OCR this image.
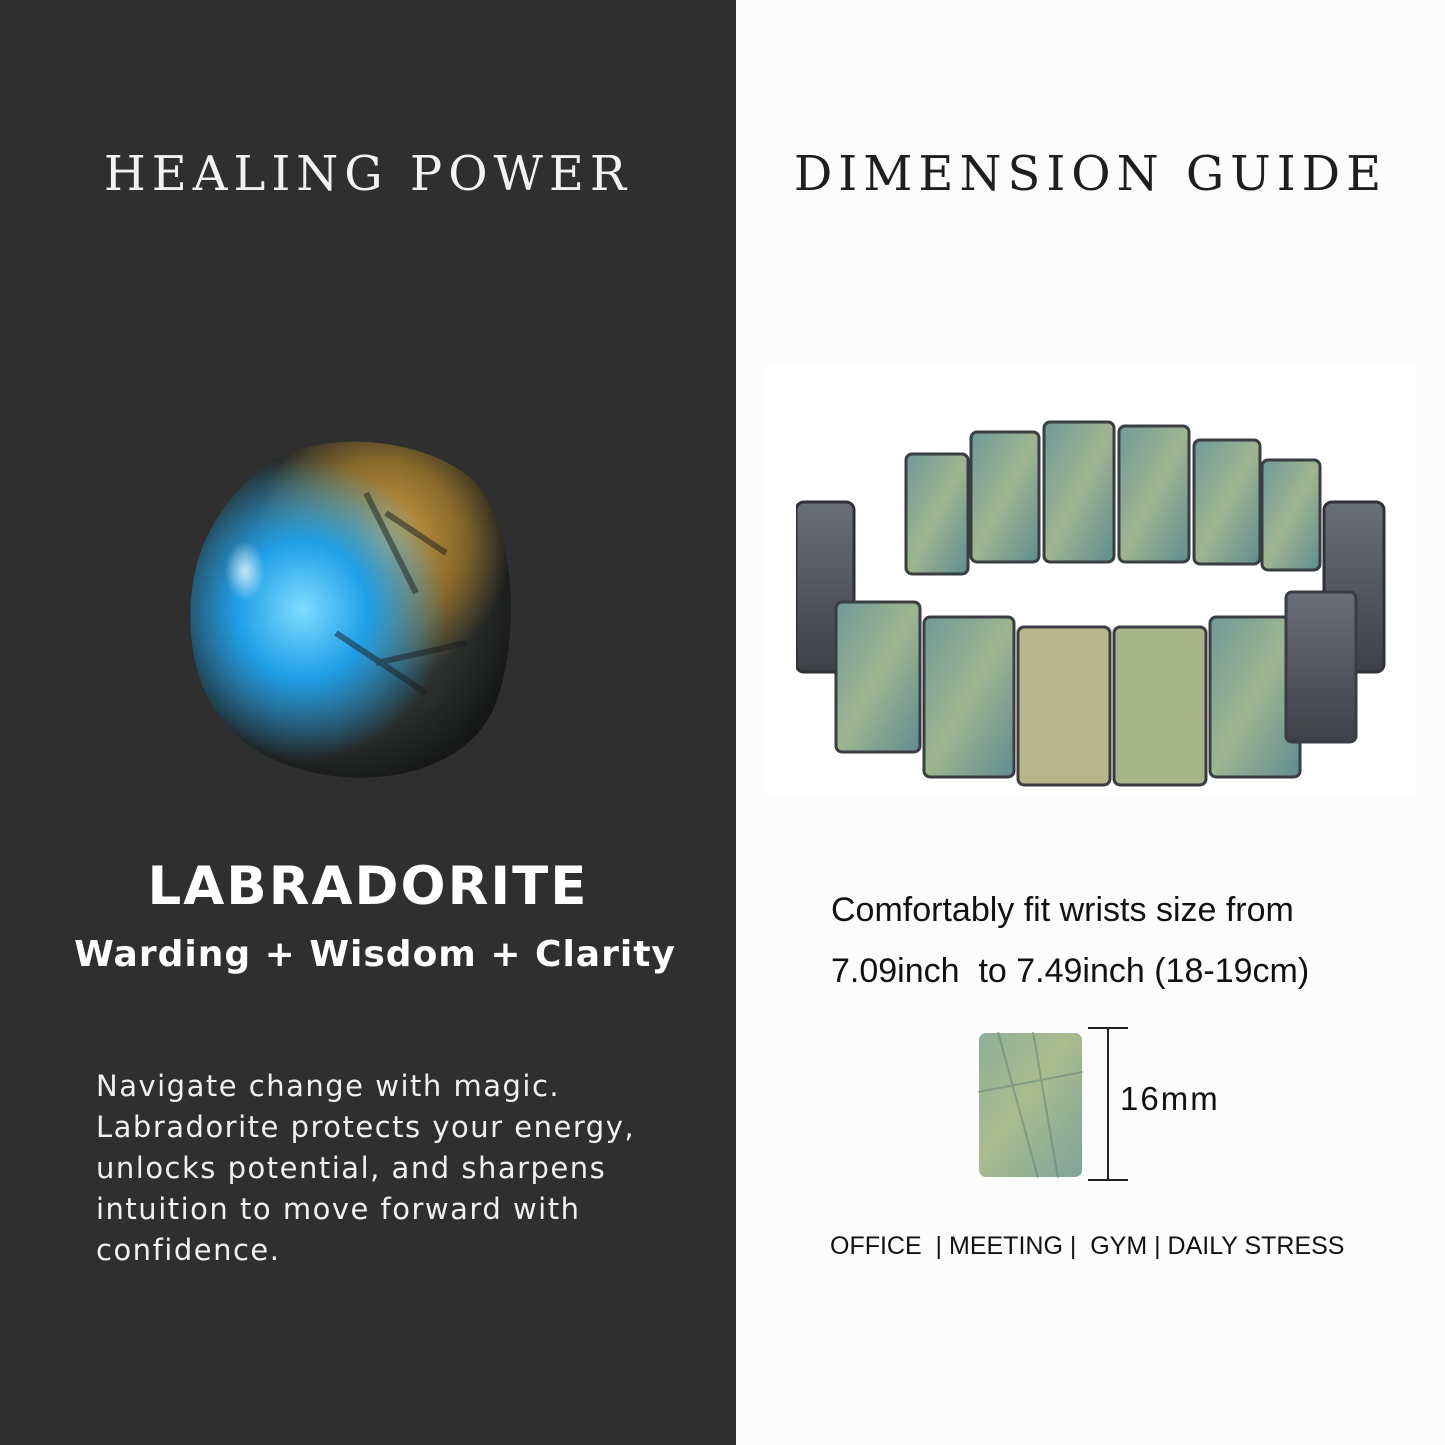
HEALING POWER
LABRADORITE
Warding + Wisdom + Clarity
Navigate change with magic.
Labradorite protects your energy,
unlocks potential, and sharpens
intuition to move forward with
confidence.
DIMENSION GUIDE
Comfortably fit wrists size from
7.09inch  to 7.49inch (18-19cm)
16mm
OFFICE  | MEETING |  GYM | DAILY STRESS
